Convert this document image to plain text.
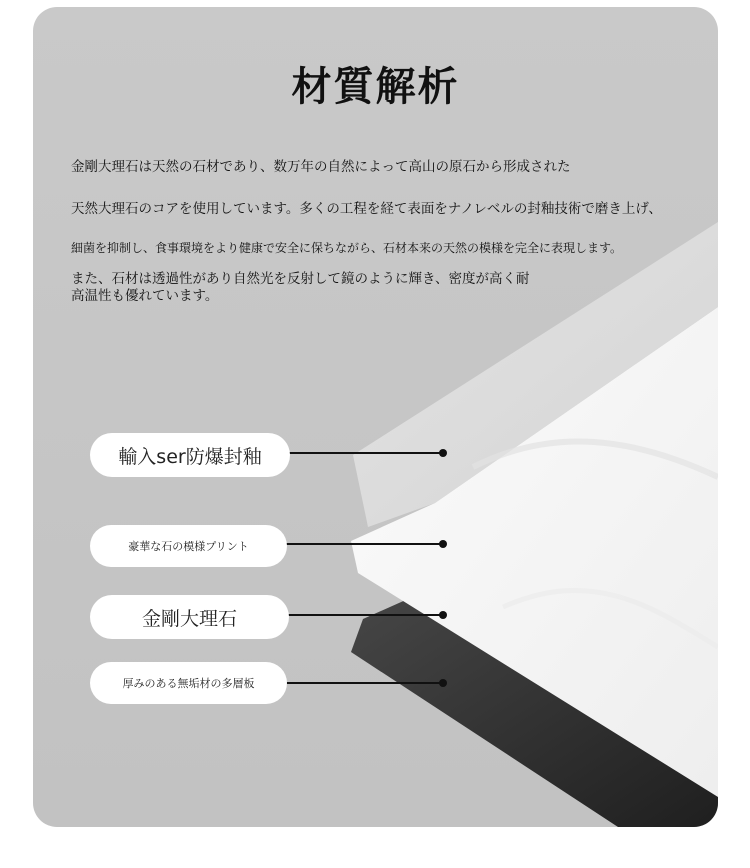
材質解析
金剛大理石は天然の石材であり、数万年の自然によって高山の原石から形成された
天然大理石のコアを使用しています。多くの工程を経て表面をナノレベルの封釉技術で磨き上げ、
細菌を抑制し、食事環境をより健康で安全に保ちながら、石材本来の天然の模様を完全に表現します。
また、石材は透過性があり自然光を反射して鏡のように輝き、密度が高く耐
高温性も優れています。
輸入ser防爆封釉
豪華な石の模様プリント
金剛大理石
厚みのある無垢材の多層板
